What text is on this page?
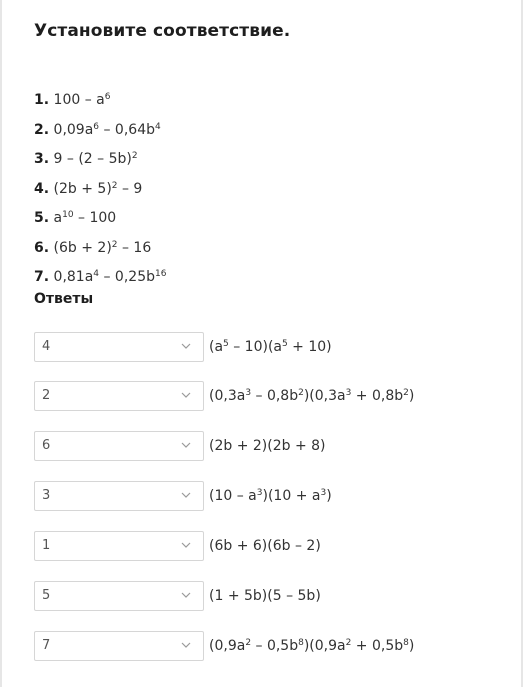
Установите соответствие.
1. $100 - a^6$
2. $0,09a^6 - 0,64b^4$
3. 9 – (2 – 5b)$^2$
4. $(2b + 5)^2 - 9$
5. $a^{10} - 100$
6. $(6b + 2)^2 - 16$
7. $0,81a^4 - 0,25b^{16}$
Ответы
4	$(a^5 - 10)(a^5 + 10)$
2	$(0,3a^3 - 0,8b^2)(0,3a^3 + 0,8b^2)$
6	(2b + 2)(2b + 8)
3	$(10 - a^3)(10 + a^3)$
1	(6b + 6)(6b – 2)
5	(1 + 5b)(5 – 5b)
7	$(0,9a^2 - 0,5b^8)(0,9a^2 + 0,5b^8)$
